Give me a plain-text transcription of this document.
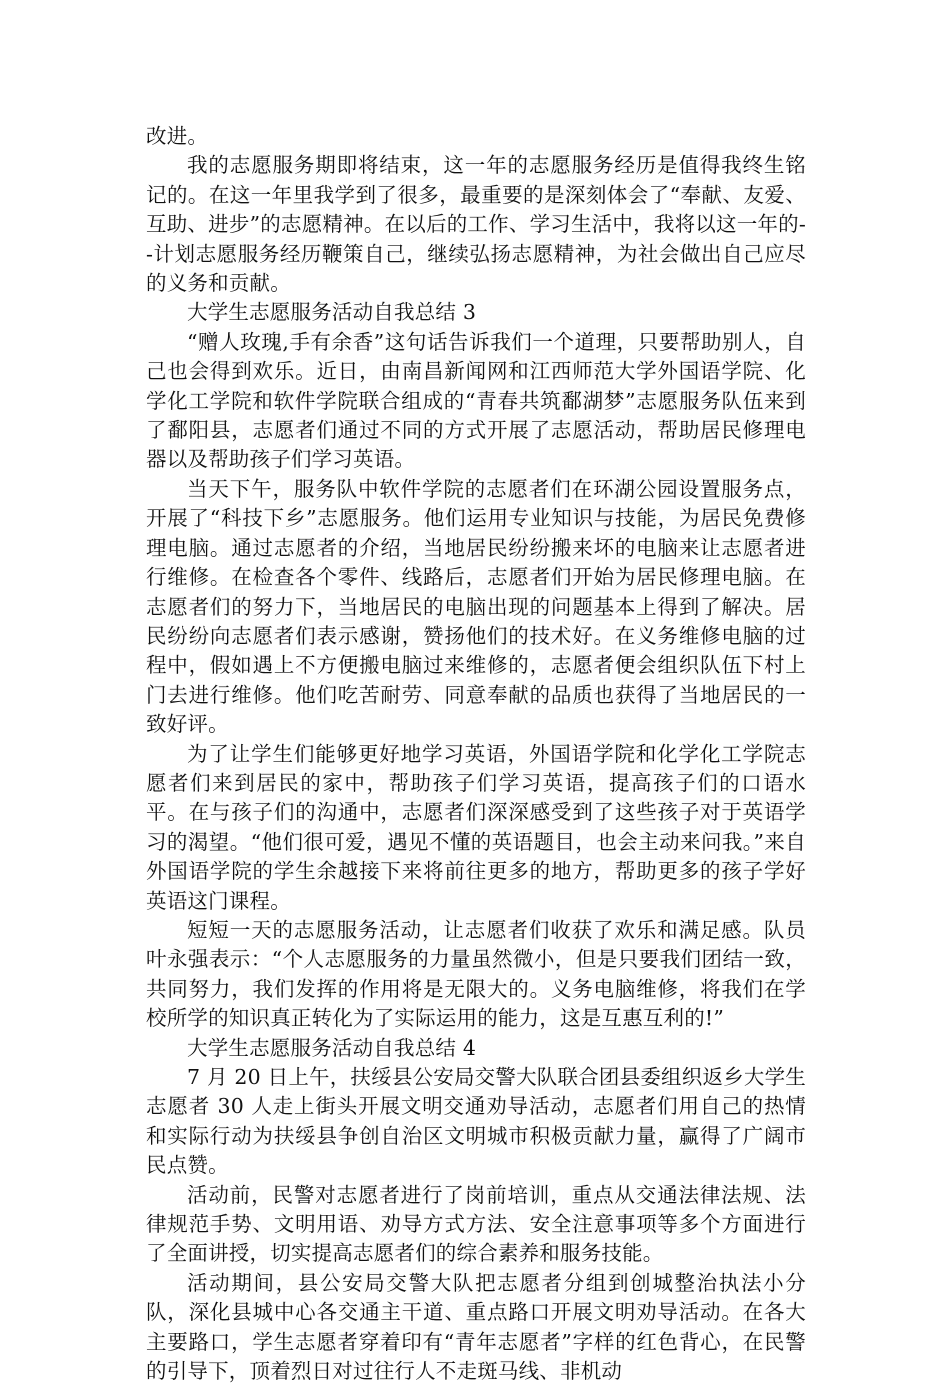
改进。

我的志愿服务期即将结束，这一年的志愿服务经历是值得我终生铭记的。在这一年里我学到了很多，最重要的是深刻体会了“奉献、友爱、互助、进步”的志愿精神。在以后的工作、学习生活中，我将以这一年的--计划志愿服务经历鞭策自己，继续弘扬志愿精神，为社会做出自己应尽的义务和贡献。

大学生志愿服务活动自我总结 3

“赠人玫瑰,手有余香”这句话告诉我们一个道理，只要帮助别人，自己也会得到欢乐。近日，由南昌新闻网和江西师范大学外国语学院、化学化工学院和软件学院联合组成的“青春共筑鄱湖梦”志愿服务队伍来到了鄱阳县，志愿者们通过不同的方式开展了志愿活动，帮助居民修理电器以及帮助孩子们学习英语。

当天下午，服务队中软件学院的志愿者们在环湖公园设置服务点，开展了“科技下乡”志愿服务。他们运用专业知识与技能，为居民免费修理电脑。通过志愿者的介绍，当地居民纷纷搬来坏的电脑来让志愿者进行维修。在检查各个零件、线路后，志愿者们开始为居民修理电脑。在志愿者们的努力下，当地居民的电脑出现的问题基本上得到了解决。居民纷纷向志愿者们表示感谢，赞扬他们的技术好。在义务维修电脑的过程中，假如遇上不方便搬电脑过来维修的，志愿者便会组织队伍下村上门去进行维修。他们吃苦耐劳、同意奉献的品质也获得了当地居民的一致好评。

为了让学生们能够更好地学习英语，外国语学院和化学化工学院志愿者们来到居民的家中，帮助孩子们学习英语，提高孩子们的口语水平。在与孩子们的沟通中，志愿者们深深感受到了这些孩子对于英语学习的渴望。“他们很可爱，遇见不懂的英语题目，也会主动来问我。”来自外国语学院的学生余越接下来将前往更多的地方，帮助更多的孩子学好英语这门课程。

短短一天的志愿服务活动，让志愿者们收获了欢乐和满足感。队员叶永强表示：“个人志愿服务的力量虽然微小，但是只要我们团结一致，共同努力，我们发挥的作用将是无限大的。义务电脑维修，将我们在学校所学的知识真正转化为了实际运用的能力，这是互惠互利的!”

大学生志愿服务活动自我总结 4

7 月 20 日上午，扶绥县公安局交警大队联合团县委组织返乡大学生志愿者 30 人走上街头开展文明交通劝导活动，志愿者们用自己的热情和实际行动为扶绥县争创自治区文明城市积极贡献力量，赢得了广阔市民点赞。

活动前，民警对志愿者进行了岗前培训，重点从交通法律法规、法律规范手势、文明用语、劝导方式方法、安全注意事项等多个方面进行了全面讲授，切实提高志愿者们的综合素养和服务技能。

活动期间，县公安局交警大队把志愿者分组到创城整治执法小分队，深化县城中心各交通主干道、重点路口开展文明劝导活动。在各大主要路口，学生志愿者穿着印有“青年志愿者”字样的红色背心，在民警的引导下，顶着烈日对过往行人不走斑马线、非机动
